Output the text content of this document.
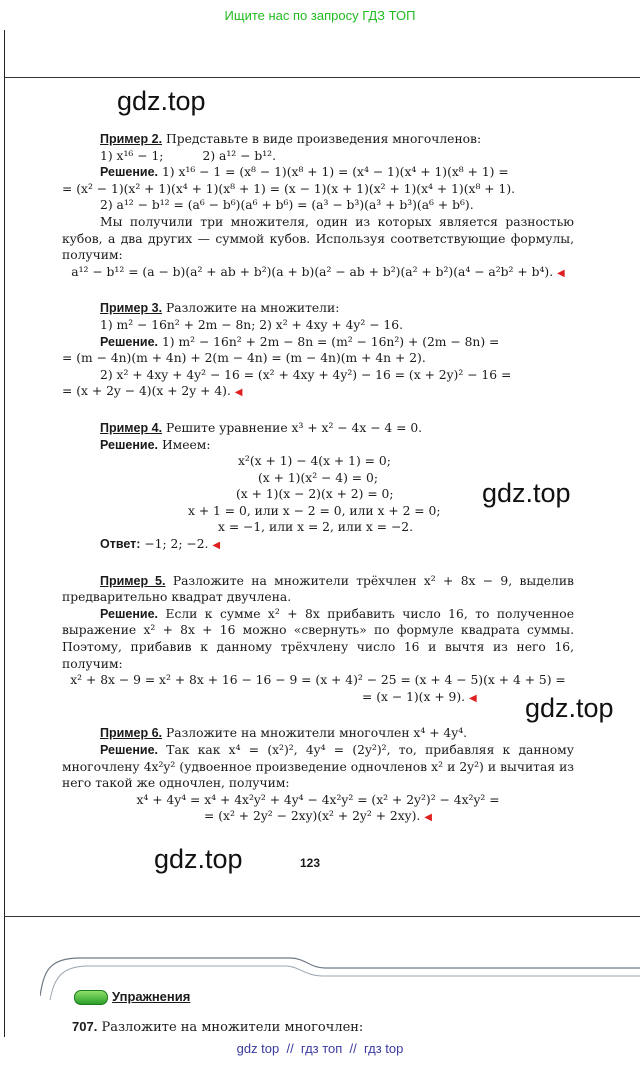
Ищите нас по запросу ГДЗ ТОП
gdz.top
gdz.top
gdz.top
gdz.top

Пример 2. Представьте в виде произведения многочленов:

1) x¹⁶ − 1;          2) a¹² − b¹².

Решение. 1) x¹⁶ − 1 = (x⁸ − 1)(x⁸ + 1) = (x⁴ − 1)(x⁴ + 1)(x⁸ + 1) =

= (x² − 1)(x² + 1)(x⁴ + 1)(x⁸ + 1) = (x − 1)(x + 1)(x² + 1)(x⁴ + 1)(x⁸ + 1).

2) a¹² − b¹² = (a⁶ − b⁶)(a⁶ + b⁶) = (a³ − b³)(a³ + b³)(a⁶ + b⁶).

Мы получили три множителя, один из которых является разностью кубов, а два других — суммой кубов. Используя соответствующие формулы, получим:

a¹² − b¹² = (a − b)(a² + ab + b²)(a + b)(a² − ab + b²)(a² + b²)(a⁴ − a²b² + b⁴). ◀

Пример 3. Разложите на множители:

1) m² − 16n² + 2m − 8n; 2) x² + 4xy + 4y² − 16.

Решение. 1) m² − 16n² + 2m − 8n = (m² − 16n²) + (2m − 8n) =

= (m − 4n)(m + 4n) + 2(m − 4n) = (m − 4n)(m + 4n + 2).

2) x² + 4xy + 4y² − 16 = (x² + 4xy + 4y²) − 16 = (x + 2y)² − 16 =

= (x + 2y − 4)(x + 2y + 4). ◀

Пример 4. Решите уравнение x³ + x² − 4x − 4 = 0.

Решение. Имеем:

x²(x + 1) − 4(x + 1) = 0;

(x + 1)(x² − 4) = 0;

(x + 1)(x − 2)(x + 2) = 0;

x + 1 = 0, или x − 2 = 0, или x + 2 = 0;

x = −1, или x = 2, или x = −2.

Ответ: −1; 2; −2. ◀

Пример 5. Разложите на множители трёхчлен x² + 8x − 9, выделив предварительно квадрат двучлена.

Решение. Если к сумме x² + 8x прибавить число 16, то полученное выражение x² + 8x + 16 можно «свернуть» по формуле квадрата суммы. Поэтому, прибавив к данному трёхчлену число 16 и вычтя из него 16, получим:

x² + 8x − 9 = x² + 8x + 16 − 16 − 9 = (x + 4)² − 25 = (x + 4 − 5)(x + 4 + 5) =

= (x − 1)(x + 9). ◀

Пример 6. Разложите на множители многочлен x⁴ + 4y⁴.

Решение. Так как x⁴ = (x²)², 4y⁴ = (2y²)², то, прибавляя к данному многочлену 4x²y² (удвоенное произведение одночленов x² и 2y²) и вычитая из него такой же одночлен, получим:

x⁴ + 4y⁴ = x⁴ + 4x²y² + 4y⁴ − 4x²y² = (x² + 2y²)² − 4x²y² =

= (x² + 2y² − 2xy)(x² + 2y² + 2xy). ◀

123
Упражнения
707. Разложите на множители многочлен:
gdz top  //  гдз топ  //  гдз top
